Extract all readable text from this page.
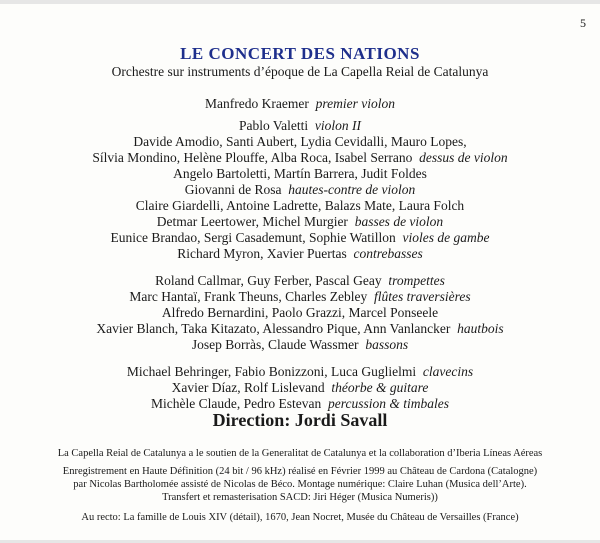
5
LE CONCERT DES NATIONS
Orchestre sur instruments d’époque de La Capella Reial de Catalunya
Manfredo Kraemer premier violon
Pablo Valetti violon II
Davide Amodio, Santi Aubert, Lydia Cevidalli, Mauro Lopes,
Sílvia Mondino, Helène Plouffe, Alba Roca, Isabel Serrano dessus de violon
Angelo Bartoletti, Martín Barrera, Judit Foldes
Giovanni de Rosa hautes-contre de violon
Claire Giardelli, Antoine Ladrette, Balazs Mate, Laura Folch
Detmar Leertower, Michel Murgier basses de violon
Eunice Brandao, Sergi Casademunt, Sophie Watillon violes de gambe
Richard Myron, Xavier Puertas contrebasses
Roland Callmar, Guy Ferber, Pascal Geay trompettes
Marc Hantaï, Frank Theuns, Charles Zebley flûtes traversières
Alfredo Bernardini, Paolo Grazzi, Marcel Ponseele
Xavier Blanch, Taka Kitazato, Alessandro Pique, Ann Vanlancker hautbois
Josep Borràs, Claude Wassmer bassons
Michael Behringer, Fabio Bonizzoni, Luca Guglielmi clavecins
Xavier Díaz, Rolf Lislevand théorbe & guitare
Michèle Claude, Pedro Estevan percussion & timbales
Direction: Jordi Savall
La Capella Reial de Catalunya a le soutien de la Generalitat de Catalunya et la collaboration d’Iberia Líneas Aéreas
Enregistrement en Haute Définition (24 bit / 96 kHz) réalisé en Février 1999 au Château de Cardona (Catalogne)
par Nicolas Bartholomée assisté de Nicolas de Béco. Montage numérique: Claire Luhan (Musica dell’Arte).
Transfert et remasterisation SACD: Jiri Héger (Musica Numeris))
Au recto: La famille de Louis XIV (détail), 1670, Jean Nocret, Musée du Château de Versailles (France)
